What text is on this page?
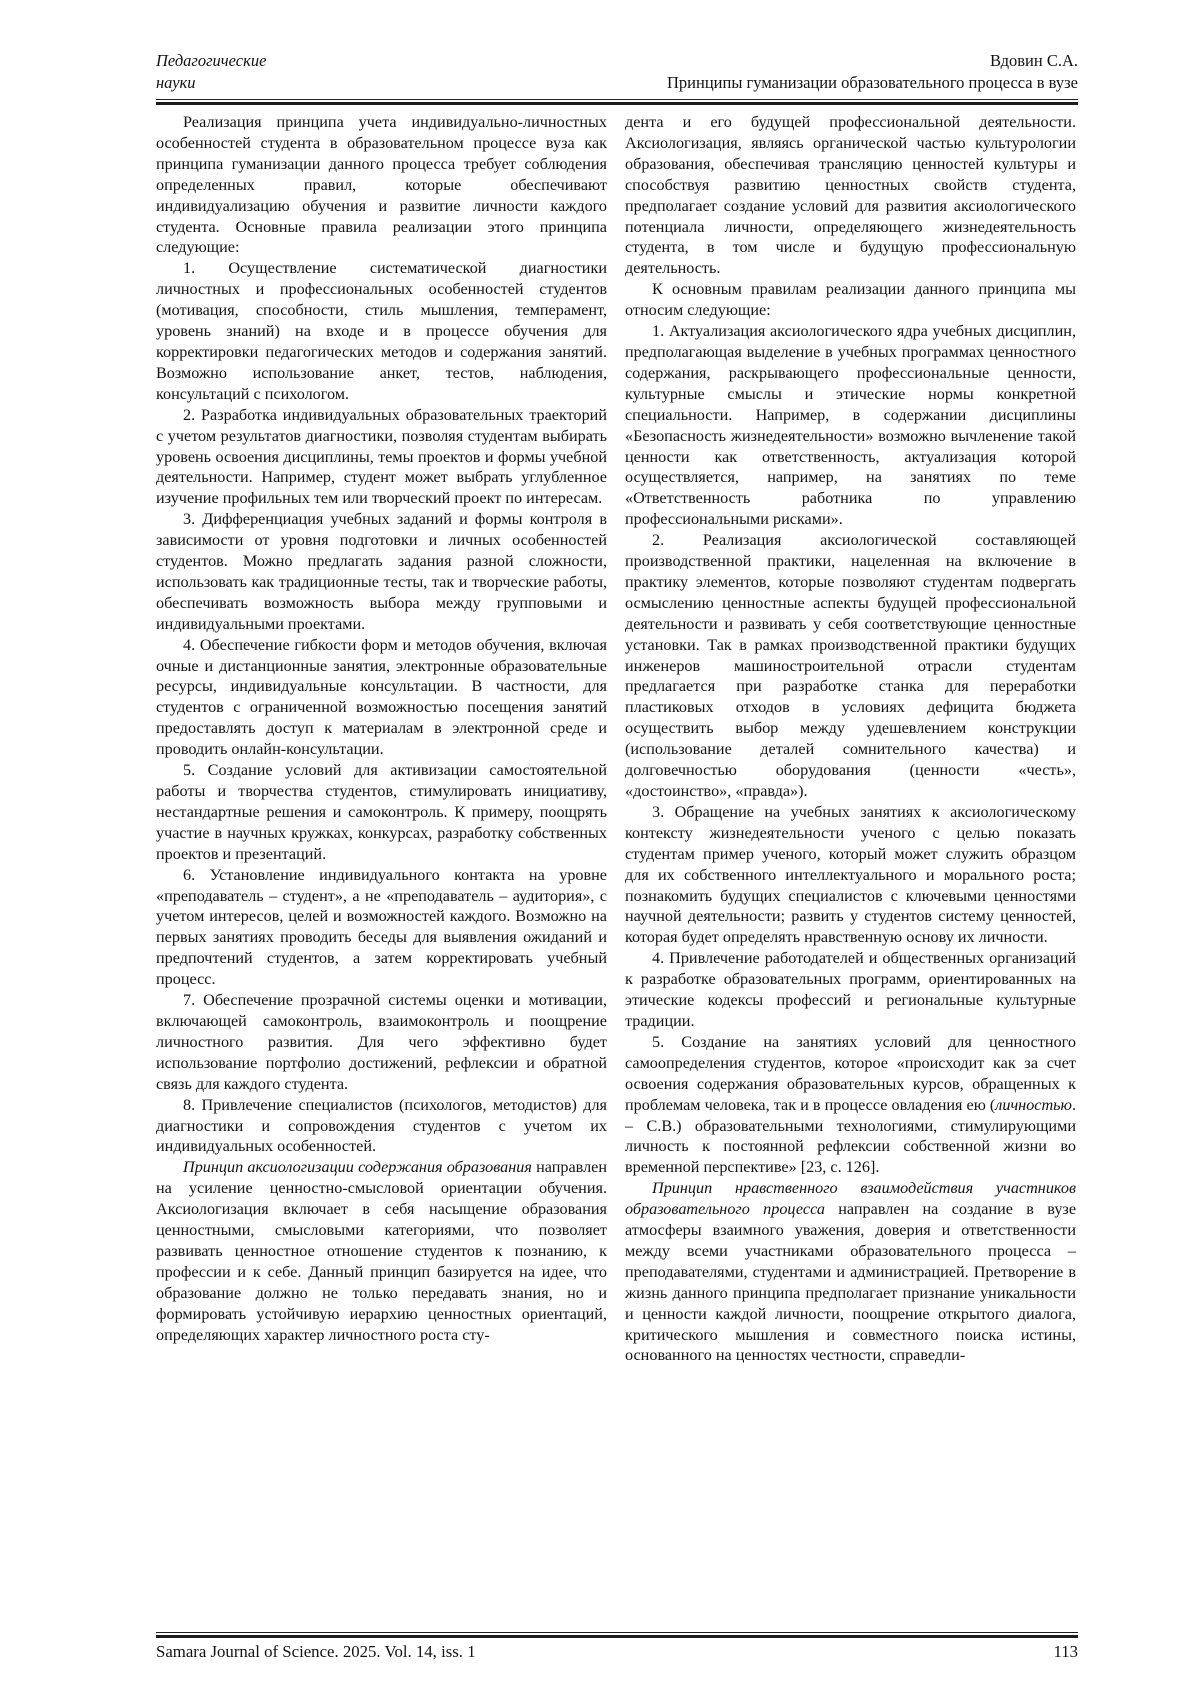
Педагогические
науки
Вдовин С.А.
Принципы гуманизации образовательного процесса в вузе

Реализация принципа учета индивидуально-личностных особенностей студента в образовательном процессе вуза как принципа гуманизации данного процесса требует соблюдения определенных правил, которые обеспечивают индивидуализацию обучения и развитие личности каждого студента. Основные правила реализации этого принципа следующие:

1. Осуществление систематической диагностики личностных и профессиональных особенностей студентов (мотивация, способности, стиль мышления, темперамент, уровень знаний) на входе и в процессе обучения для корректировки педагогических методов и содержания занятий. Возможно использование анкет, тестов, наблюдения, консультаций с психологом.

2. Разработка индивидуальных образовательных траекторий с учетом результатов диагностики, позволяя студентам выбирать уровень освоения дисциплины, темы проектов и формы учебной деятельности. Например, студент может выбрать углубленное изучение профильных тем или творческий проект по интересам.

3. Дифференциация учебных заданий и формы контроля в зависимости от уровня подготовки и личных особенностей студентов. Можно предлагать задания разной сложности, использовать как традиционные тесты, так и творческие работы, обеспечивать возможность выбора между групповыми и индивидуальными проектами.

4. Обеспечение гибкости форм и методов обучения, включая очные и дистанционные занятия, электронные образовательные ресурсы, индивидуальные консультации. В частности, для студентов с ограниченной возможностью посещения занятий предоставлять доступ к материалам в электронной среде и проводить онлайн-консультации.

5. Создание условий для активизации самостоятельной работы и творчества студентов, стимулировать инициативу, нестандартные решения и самоконтроль. К примеру, поощрять участие в научных кружках, конкурсах, разработку собственных проектов и презентаций.

6. Установление индивидуального контакта на уровне «преподаватель – студент», а не «преподаватель – аудитория», с учетом интересов, целей и возможностей каждого. Возможно на первых занятиях проводить беседы для выявления ожиданий и предпочтений студентов, а затем корректировать учебный процесс.

7. Обеспечение прозрачной системы оценки и мотивации, включающей самоконтроль, взаимоконтроль и поощрение личностного развития. Для чего эффективно будет использование портфолио достижений, рефлексии и обратной связь для каждого студента.

8. Привлечение специалистов (психологов, методистов) для диагностики и сопровождения студентов с учетом их индивидуальных особенностей.

Принцип аксиологизации содержания образования направлен на усиление ценностно-смысловой ориентации обучения. Аксиологизация включает в себя насыщение образования ценностными, смысловыми категориями, что позволяет развивать ценностное отношение студентов к познанию, к профессии и к себе. Данный принцип базируется на идее, что образование должно не только передавать знания, но и формировать устойчивую иерархию ценностных ориентаций, определяющих характер личностного роста сту-

дента и его будущей профессиональной деятельности. Аксиологизация, являясь органической частью культурологии образования, обеспечивая трансляцию ценностей культуры и способствуя развитию ценностных свойств студента, предполагает создание условий для развития аксиологического потенциала личности, определяющего жизнедеятельность студента, в том числе и будущую профессиональную деятельность.

К основным правилам реализации данного принципа мы относим следующие:

1. Актуализация аксиологического ядра учебных дисциплин, предполагающая выделение в учебных программах ценностного содержания, раскрывающего профессиональные ценности, культурные смыслы и этические нормы конкретной специальности. Например, в содержании дисциплины «Безопасность жизнедеятельности» возможно вычленение такой ценности как ответственность, актуализация которой осуществляется, например, на занятиях по теме «Ответственность работника по управлению профессиональными рисками».

2. Реализация аксиологической составляющей производственной практики, нацеленная на включение в практику элементов, которые позволяют студентам подвергать осмыслению ценностные аспекты будущей профессиональной деятельности и развивать у себя соответствующие ценностные установки. Так в рамках производственной практики будущих инженеров машиностроительной отрасли студентам предлагается при разработке станка для переработки пластиковых отходов в условиях дефицита бюджета осуществить выбор между удешевлением конструкции (использование деталей сомнительного качества) и долговечностью оборудования (ценности «честь», «достоинство», «правда»).

3. Обращение на учебных занятиях к аксиологическому контексту жизнедеятельности ученого с целью показать студентам пример ученого, который может служить образцом для их собственного интеллектуального и морального роста; познакомить будущих специалистов с ключевыми ценностями научной деятельности; развить у студентов систему ценностей, которая будет определять нравственную основу их личности.

4. Привлечение работодателей и общественных организаций к разработке образовательных программ, ориентированных на этические кодексы профессий и региональные культурные традиции.

5. Создание на занятиях условий для ценностного самоопределения студентов, которое «происходит как за счет освоения содержания образовательных курсов, обращенных к проблемам человека, так и в процессе овладения ею (личностью. – С.В.) образовательными технологиями, стимулирующими личность к постоянной рефлексии собственной жизни во временной перспективе» [23, с. 126].

Принцип нравственного взаимодействия участников образовательного процесса направлен на создание в вузе атмосферы взаимного уважения, доверия и ответственности между всеми участниками образовательного процесса – преподавателями, студентами и администрацией. Претворение в жизнь данного принципа предполагает признание уникальности и ценности каждой личности, поощрение открытого диалога, критического мышления и совместного поиска истины, основанного на ценностях честности, справедли-

Samara Journal of Science. 2025. Vol. 14, iss. 1	113
